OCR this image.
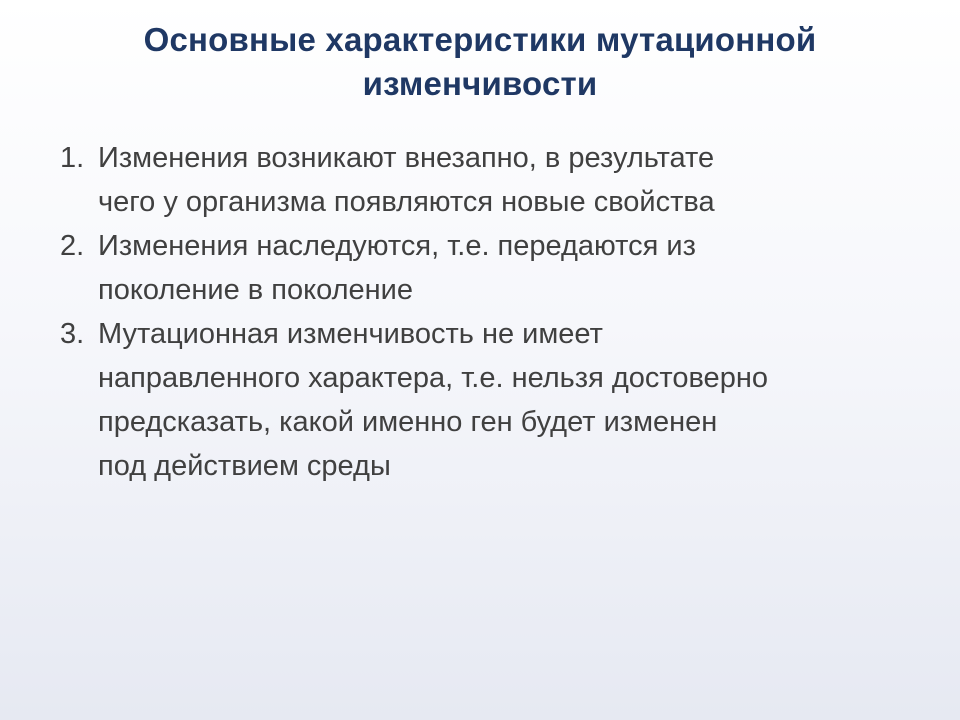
Основные характеристики мутационной
изменчивости
1. Изменения возникают внезапно, в результате
чего у организма появляются новые свойства
2. Изменения наследуются, т.е. передаются из
поколение в поколение
3. Мутационная изменчивость не имеет
направленного характера, т.е. нельзя достоверно
предсказать, какой именно ген будет изменен
под действием среды
